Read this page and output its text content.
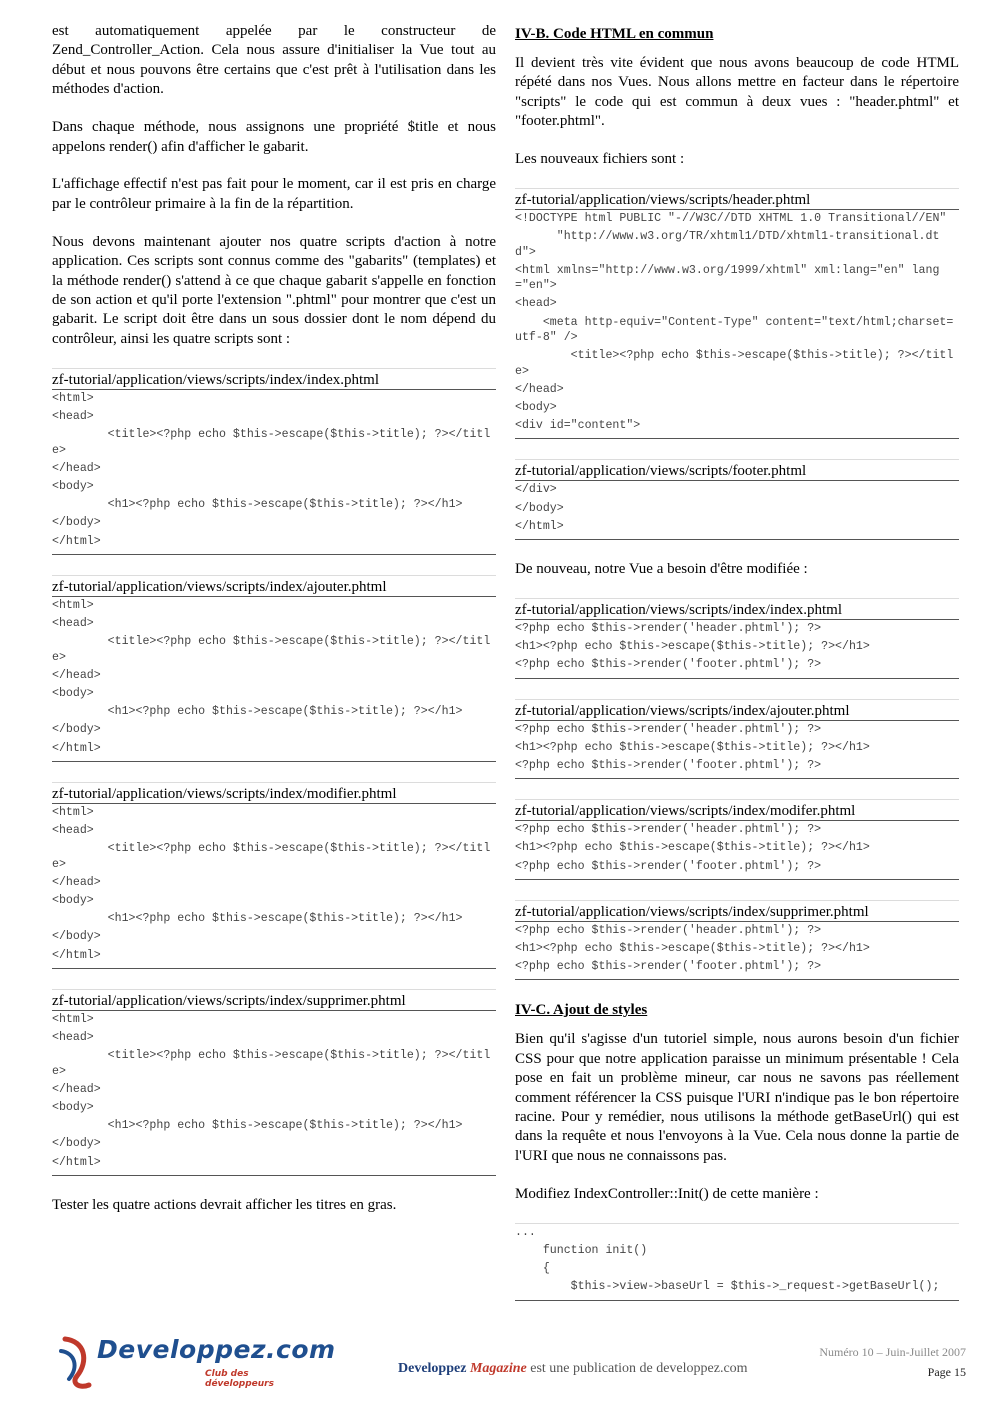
est automatiquement appelée par le constructeur de Zend_Controller_Action. Cela nous assure d'initialiser la Vue tout au début et nous pouvons être certains que c'est prêt à l'utilisation dans les méthodes d'action.

Dans chaque méthode, nous assignons une propriété $title et nous appelons render() afin d'afficher le gabarit.

L'affichage effectif n'est pas fait pour le moment, car il est pris en charge par le contrôleur primaire à la fin de la répartition.

Nous devons maintenant ajouter nos quatre scripts d'action à notre application. Ces scripts sont connus comme des "gabarits" (templates) et la méthode render() s'attend à ce que chaque gabarit s'appelle en fonction de son action et qu'il porte l'extension ".phtml" pour montrer que c'est un gabarit. Le script doit être dans un sous dossier dont le nom dépend du contrôleur, ainsi les quatre scripts sont :

zf-tutorial/application/views/scripts/index/index.phtml
<html>
<head>
<title><?php echo $this->escape($this->title); ?></title>
</head>
<body>
<h1><?php echo $this->escape($this->title); ?></h1>
</body>
</html>
zf-tutorial/application/views/scripts/index/ajouter.phtml
<html>
<head>
<title><?php echo $this->escape($this->title); ?></title>
</head>
<body>
<h1><?php echo $this->escape($this->title); ?></h1>
</body>
</html>
zf-tutorial/application/views/scripts/index/modifier.phtml
<html>
<head>
<title><?php echo $this->escape($this->title); ?></title>
</head>
<body>
<h1><?php echo $this->escape($this->title); ?></h1>
</body>
</html>
zf-tutorial/application/views/scripts/index/supprimer.phtml
<html>
<head>
<title><?php echo $this->escape($this->title); ?></title>
</head>
<body>
<h1><?php echo $this->escape($this->title); ?></h1>
</body>
</html>

Tester les quatre actions devrait afficher les titres en gras.

IV-B. Code HTML en commun

Il devient très vite évident que nous avons beaucoup de code HTML répété dans nos Vues. Nous allons mettre en facteur dans le répertoire "scripts" le code qui est commun à deux vues : "header.phtml" et "footer.phtml".

Les nouveaux fichiers sont :

zf-tutorial/application/views/scripts/header.phtml
<!DOCTYPE html PUBLIC "-//W3C//DTD XHTML 1.0 Transitional//EN"
"http://www.w3.org/TR/xhtml1/DTD/xhtml1-transitional.dtd">
<html xmlns="http://www.w3.org/1999/xhtml" xml:lang="en" lang="en">
<head>
<meta http-equiv="Content-Type" content="text/html;charset=utf-8" />
<title><?php echo $this->escape($this->title); ?></title>
</head>
<body>
<div id="content">
zf-tutorial/application/views/scripts/footer.phtml
</div>
</body>
</html>

De nouveau, notre Vue a besoin d'être modifiée :

zf-tutorial/application/views/scripts/index/index.phtml
<?php echo $this->render('header.phtml'); ?>
<h1><?php echo $this->escape($this->title); ?></h1>
<?php echo $this->render('footer.phtml'); ?>
zf-tutorial/application/views/scripts/index/ajouter.phtml
<?php echo $this->render('header.phtml'); ?>
<h1><?php echo $this->escape($this->title); ?></h1>
<?php echo $this->render('footer.phtml'); ?>
zf-tutorial/application/views/scripts/index/modifer.phtml
<?php echo $this->render('header.phtml'); ?>
<h1><?php echo $this->escape($this->title); ?></h1>
<?php echo $this->render('footer.phtml'); ?>
zf-tutorial/application/views/scripts/index/supprimer.phtml
<?php echo $this->render('header.phtml'); ?>
<h1><?php echo $this->escape($this->title); ?></h1>
<?php echo $this->render('footer.phtml'); ?>
IV-C. Ajout de styles

Bien qu'il s'agisse d'un tutoriel simple, nous aurons besoin d'un fichier CSS pour que notre application paraisse un minimum présentable ! Cela pose en fait un problème mineur, car nous ne savons pas réellement comment référencer la CSS puisque l'URI n'indique pas le bon répertoire racine. Pour y remédier, nous utilisons la méthode getBaseUrl() qui est dans la requête et nous l'envoyons à la Vue. Cela nous donne la partie de l'URI que nous ne connaissons pas.

Modifiez IndexController::Init() de cette manière :

...
function init()
{
$this->view->baseUrl = $this->_request->getBaseUrl();
Developpez.com
Club des développeurs
Numéro 10 – Juin-Juillet 2007
Developpez Magazine est une publication de developpez.com	Page 15
